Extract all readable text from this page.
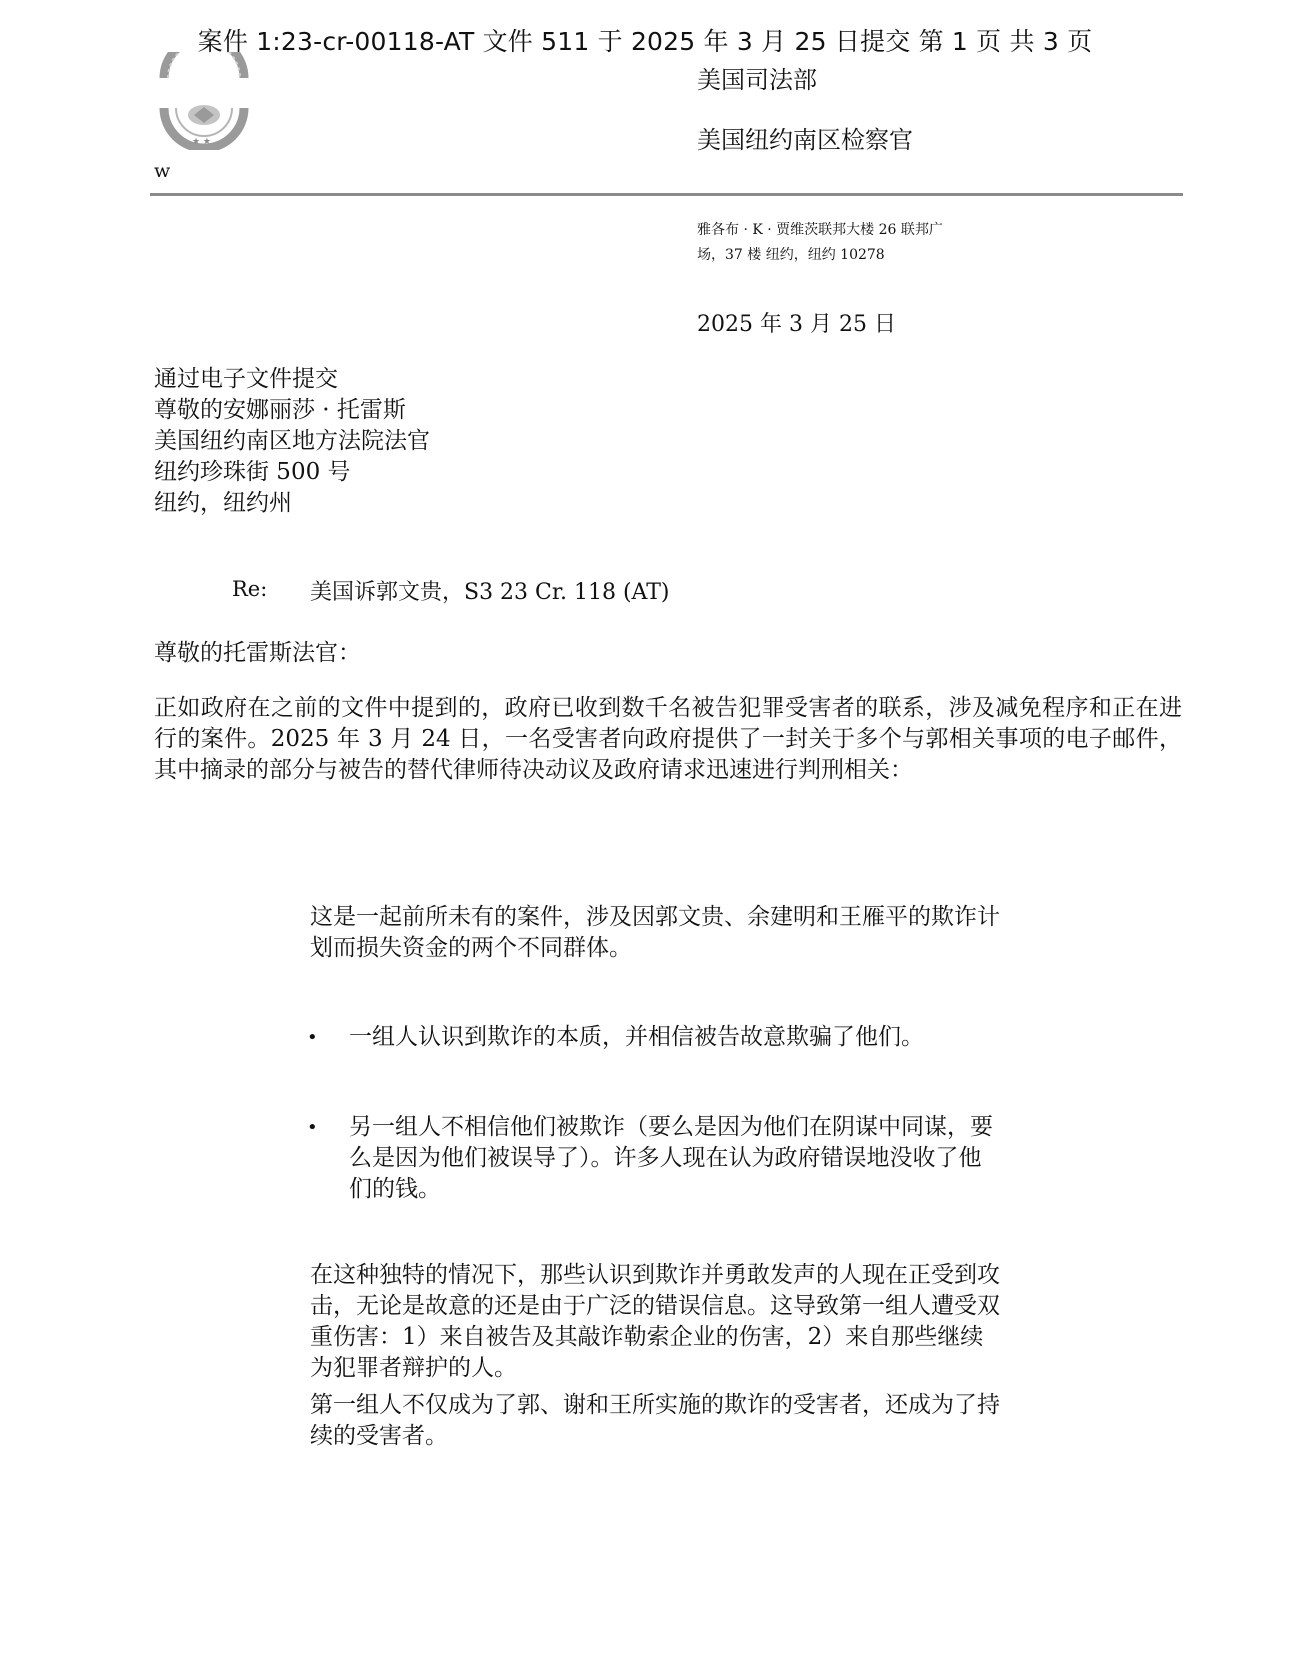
案件 1:23-cr-00118-AT 文件 511 于 2025 年 3 月 25 日提交 第 1 页 共 3 页
★ ★
w
美国司法部
美国纽约南区检察官
雅各布 · K · 贾维茨联邦大楼 26 联邦广
场，37 楼 纽约，纽约 10278
2025 年 3 月 25 日
通过电子文件提交
尊敬的安娜丽莎 · 托雷斯
美国纽约南区地方法院法官
纽约珍珠街 500 号
纽约，纽约州
Re: 美国诉郭文贵，S3 23 Cr. 118 (AT)
尊敬的托雷斯法官：
正如政府在之前的文件中提到的，政府已收到数千名被告犯罪受害者的联系，涉及减免程序和正在进行的案件。2025 年 3 月 24 日，一名受害者向政府提供了一封关于多个与郭相关事项的电子邮件，其中摘录的部分与被告的替代律师待决动议及政府请求迅速进行判刑相关：
这是一起前所未有的案件，涉及因郭文贵、余建明和王雁平的欺诈计划而损失资金的两个不同群体。
• 一组人认识到欺诈的本质，并相信被告故意欺骗了他们。
• 另一组人不相信他们被欺诈（要么是因为他们在阴谋中同谋，要么是因为他们被误导了）。许多人现在认为政府错误地没收了他们的钱。
在这种独特的情况下，那些认识到欺诈并勇敢发声的人现在正受到攻击，无论是故意的还是由于广泛的错误信息。这导致第一组人遭受双重伤害：1）来自被告及其敲诈勒索企业的伤害，2）来自那些继续为犯罪者辩护的人。
第一组人不仅成为了郭、谢和王所实施的欺诈的受害者，还成为了持续的受害者。
